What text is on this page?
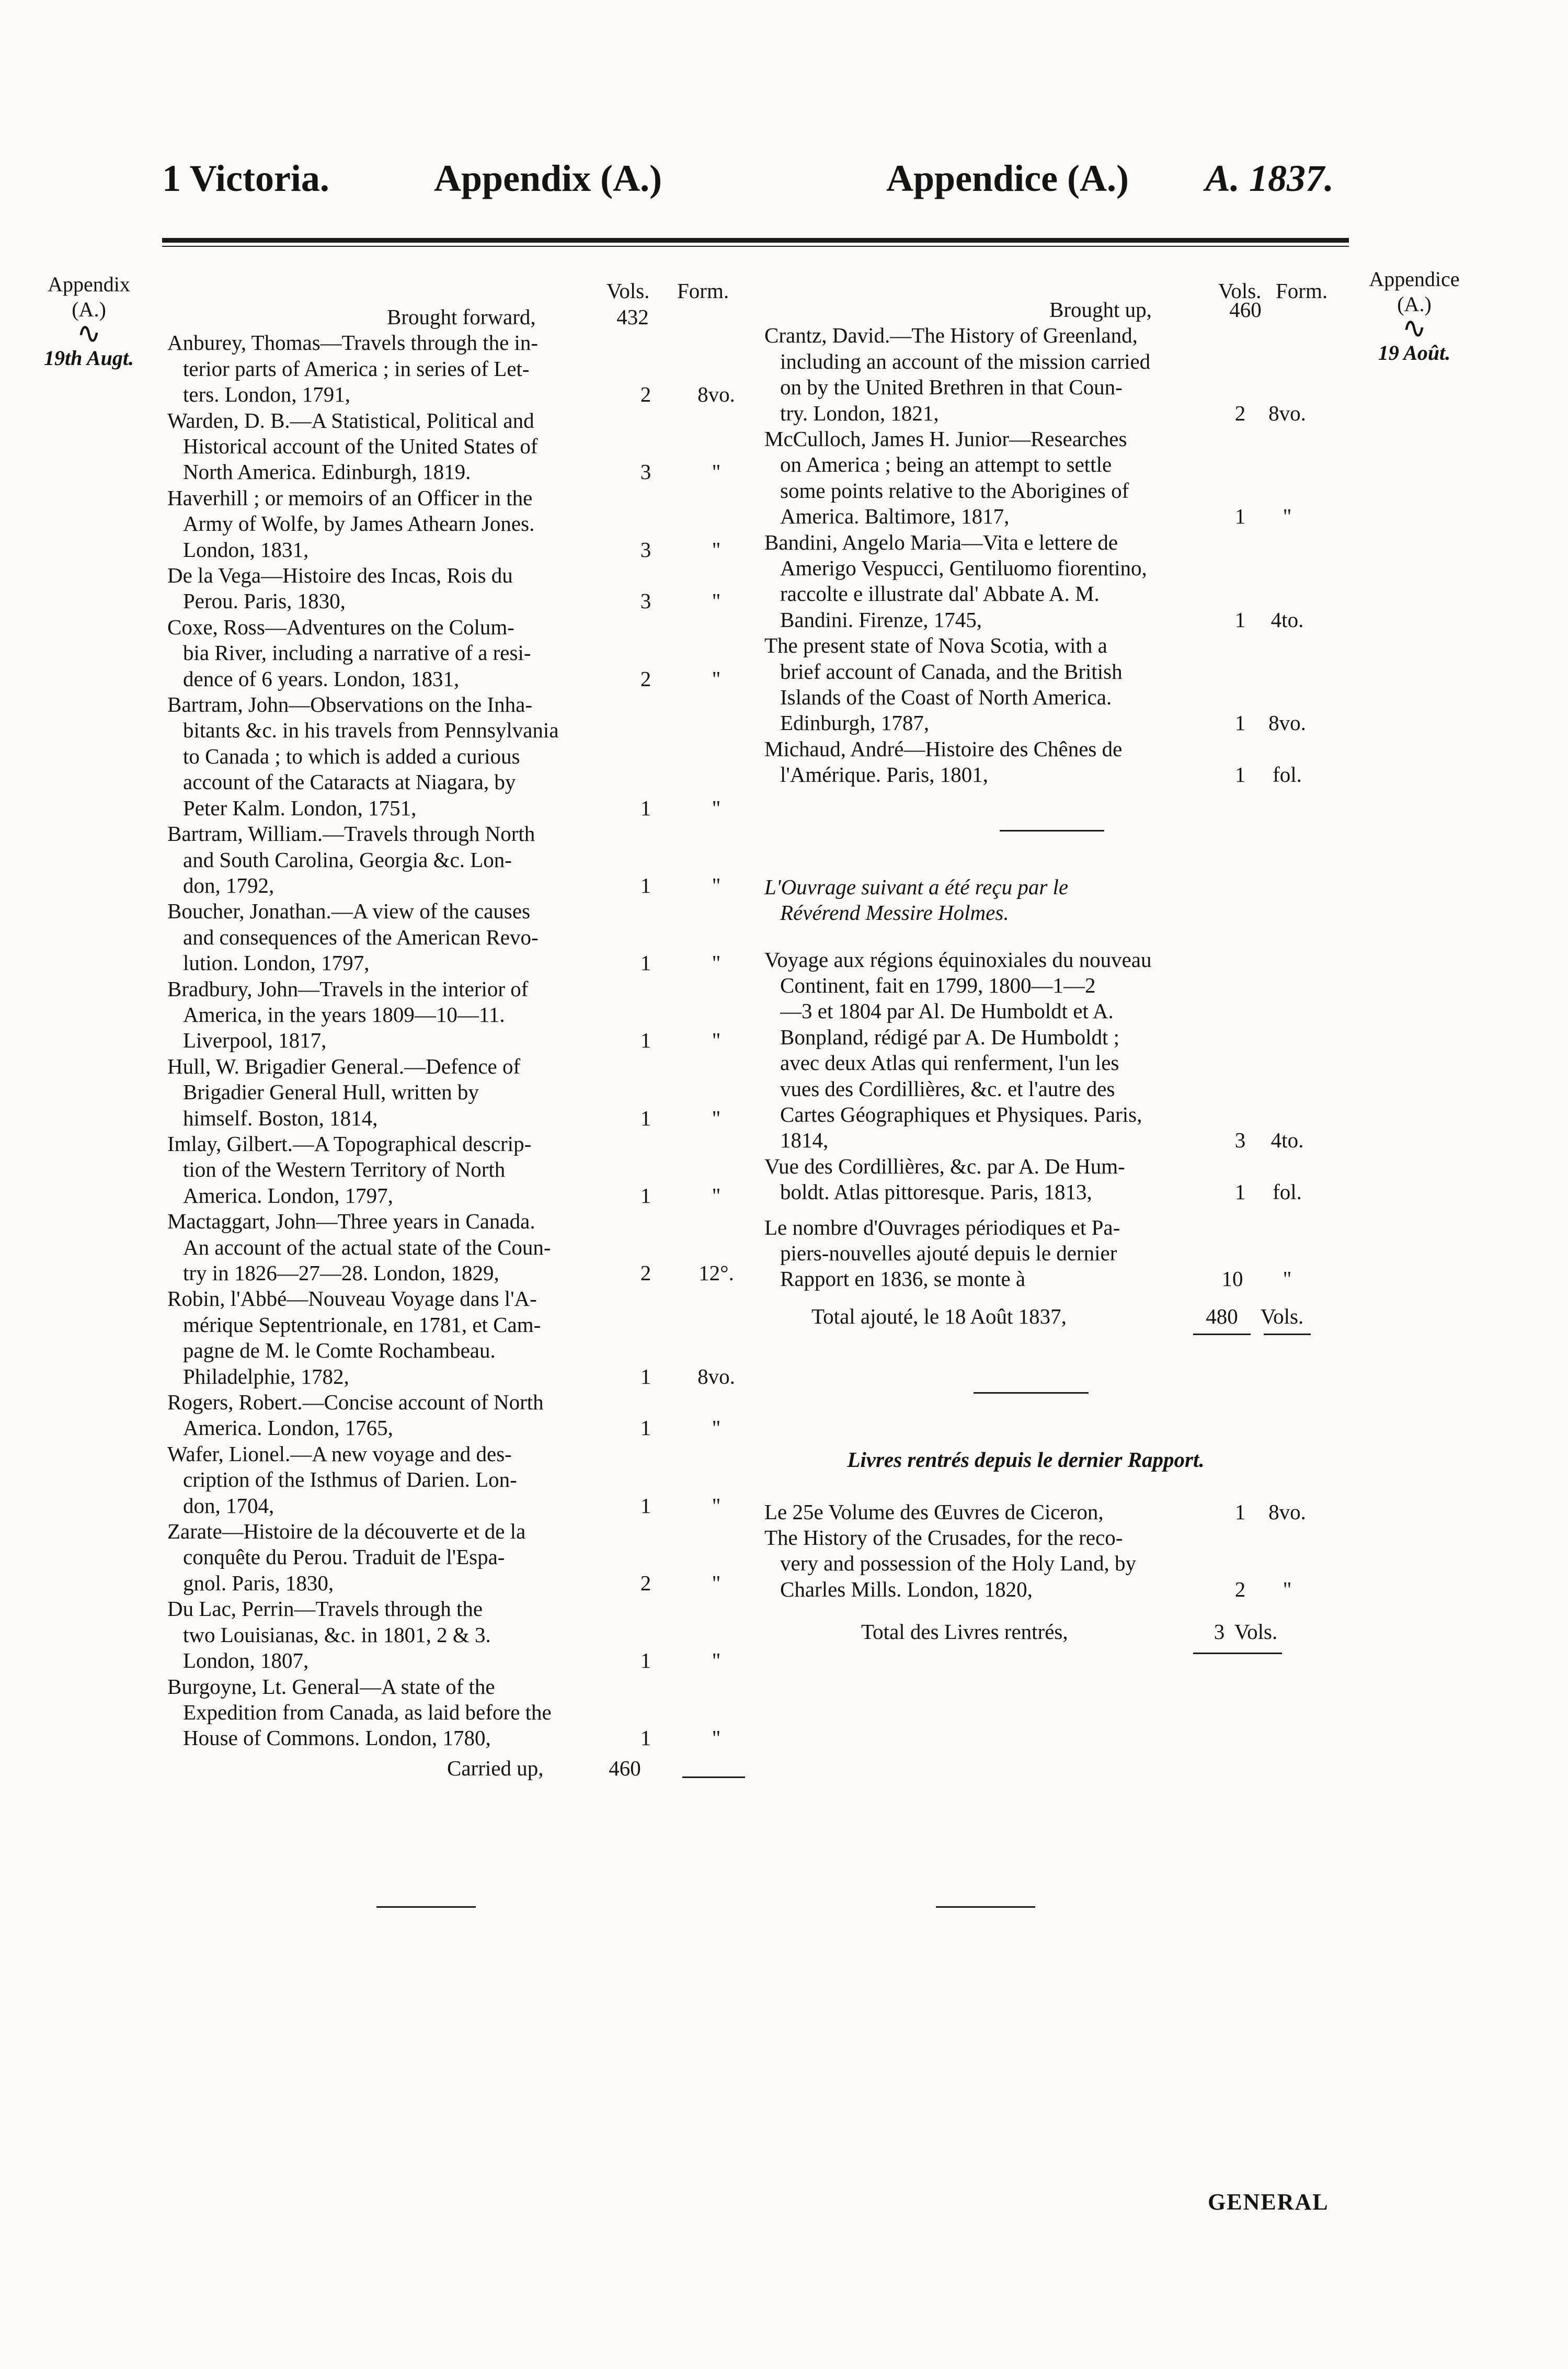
1 Victoria.	Appendix (A.)	Appendice (A.) A. 1837.
Appendix
(A.)
∿
19th Augt.
Appendice
(A.)
∿
19 Août.
Vols. Form.
Brought forward,	432
Anburey, Thomas—Travels through the in-
terior parts of America ; in series of Let-
ters. London, 1791,	2	8vo.
Warden, D. B.—A Statistical, Political and
Historical account of the United States of
North America. Edinburgh, 1819.	3	"
Haverhill ; or memoirs of an Officer in the
Army of Wolfe, by James Athearn Jones.
London, 1831,	3	"
De la Vega—Histoire des Incas, Rois du
Perou. Paris, 1830,	3	"
Coxe, Ross—Adventures on the Colum-
bia River, including a narrative of a resi-
dence of 6 years. London, 1831,	2	"
Bartram, John—Observations on the Inha-
bitants &c. in his travels from Pennsylvania
to Canada ; to which is added a curious
account of the Cataracts at Niagara, by
Peter Kalm. London, 1751,	1	"
Bartram, William.—Travels through North
and South Carolina, Georgia &c. Lon-
don, 1792,	1	"
Boucher, Jonathan.—A view of the causes
and consequences of the American Revo-
lution. London, 1797,	1	"
Bradbury, John—Travels in the interior of
America, in the years 1809—10—11.
Liverpool, 1817,	1	"
Hull, W. Brigadier General.—Defence of
Brigadier General Hull, written by
himself. Boston, 1814,	1	"
Imlay, Gilbert.—A Topographical descrip-
tion of the Western Territory of North
America. London, 1797,	1	"
Mactaggart, John—Three years in Canada.
An account of the actual state of the Coun-
try in 1826—27—28. London, 1829,	2	12°.
Robin, l'Abbé—Nouveau Voyage dans l'A-
mérique Septentrionale, en 1781, et Cam-
pagne de M. le Comte Rochambeau.
Philadelphie, 1782,	1	8vo.
Rogers, Robert.—Concise account of North
America. London, 1765,	1	"
Wafer, Lionel.—A new voyage and des-
cription of the Isthmus of Darien. Lon-
don, 1704,	1	"
Zarate—Histoire de la découverte et de la
conquête du Perou. Traduit de l'Espa-
gnol. Paris, 1830,	2	"
Du Lac, Perrin—Travels through the
two Louisianas, &c. in 1801, 2 & 3.
London, 1807,	1	"
Burgoyne, Lt. General—A state of the
Expedition from Canada, as laid before the
House of Commons. London, 1780,	1	"
Carried up,	460
Vols. Form.
Brought up,	460
Crantz, David.—The History of Greenland,
including an account of the mission carried
on by the United Brethren in that Coun-
try. London, 1821,	2	8vo.
McCulloch, James H. Junior—Researches
on America ; being an attempt to settle
some points relative to the Aborigines of
America. Baltimore, 1817,	1	"
Bandini, Angelo Maria—Vita e lettere de
Amerigo Vespucci, Gentiluomo fiorentino,
raccolte e illustrate dal' Abbate A. M.
Bandini. Firenze, 1745,	1	4to.
The present state of Nova Scotia, with a
brief account of Canada, and the British
Islands of the Coast of North America.
Edinburgh, 1787,	1	8vo.
Michaud, André—Histoire des Chênes de
l'Amérique. Paris, 1801,	1	fol.
L'Ouvrage suivant a été reçu par le
Révérend Messire Holmes.
Voyage aux régions équinoxiales du nouveau
Continent, fait en 1799, 1800—1—2
—3 et 1804 par Al. De Humboldt et A.
Bonpland, rédigé par A. De Humboldt ;
avec deux Atlas qui renferment, l'un les
vues des Cordillières, &c. et l'autre des
Cartes Géographiques et Physiques. Paris,
1814,	3	4to.
Vue des Cordillières, &c. par A. De Hum-
boldt. Atlas pittoresque. Paris, 1813,	1	fol.
Le nombre d'Ouvrages périodiques et Pa-
piers-nouvelles ajouté depuis le dernier
Rapport en 1836, se monte à	10	"
Total ajouté, le 18 Août 1837,	480	Vols.
Livres rentrés depuis le dernier Rapport.
Le 25e Volume des Œuvres de Ciceron,	1	8vo.
The History of the Crusades, for the reco-
very and possession of the Holy Land, by
Charles Mills. London, 1820,	2	"
Total des Livres rentrés,	3 Vols.
GENERAL
